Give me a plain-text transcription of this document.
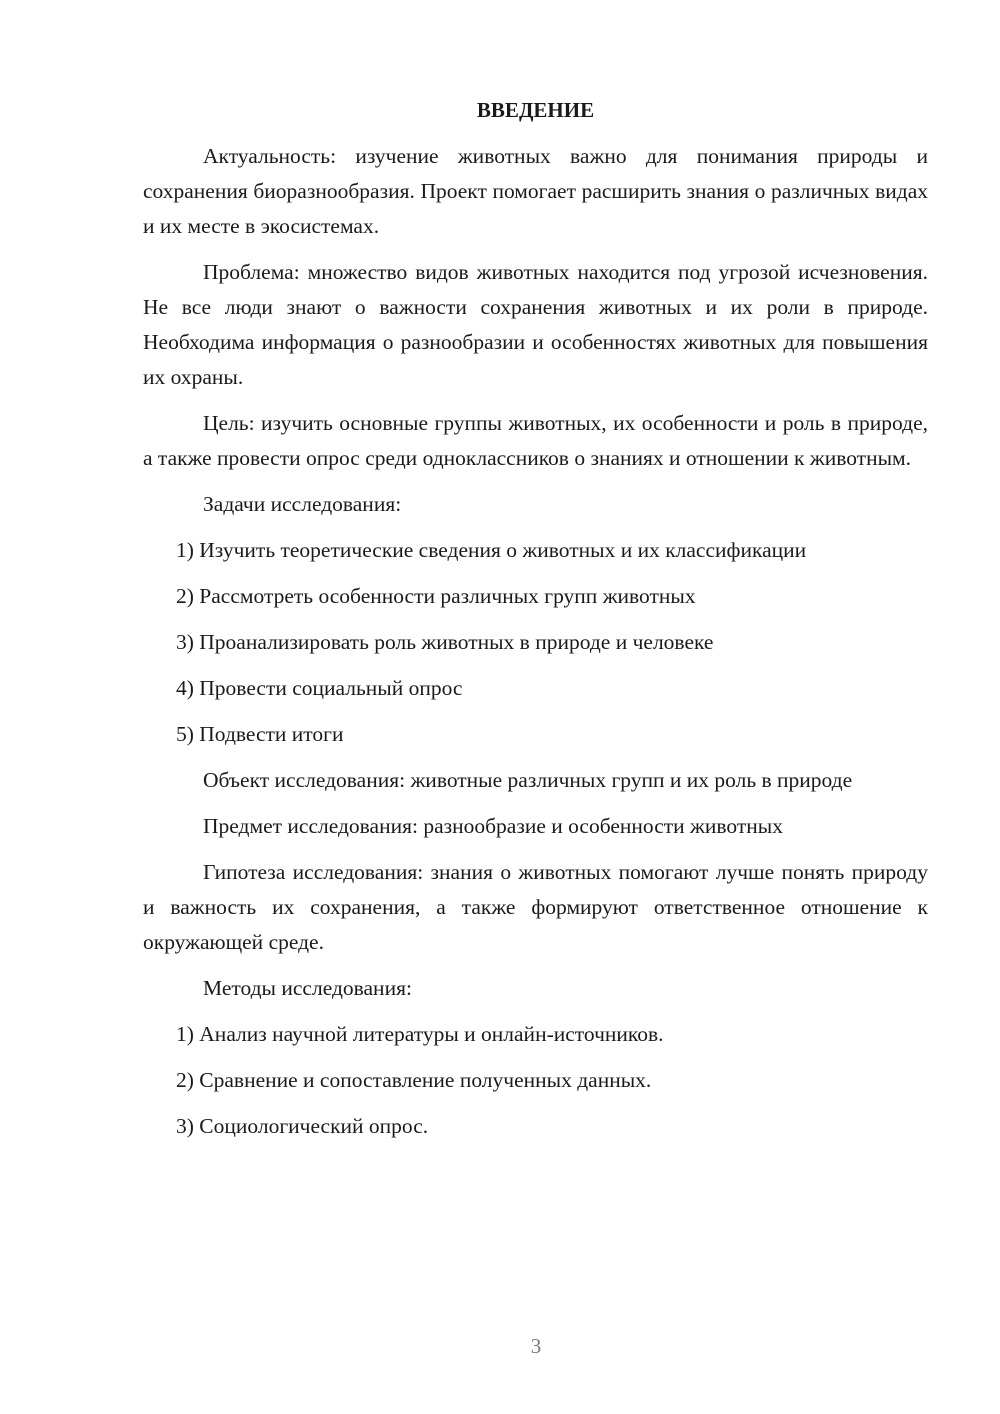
ВВЕДЕНИЕ

Актуальность: изучение животных важно для понимания природы и сохранения биоразнообразия. Проект помогает расширить знания о различных видах и их месте в экосистемах.

Проблема: множество видов животных находится под угрозой исчезновения. Не все люди знают о важности сохранения животных и их роли в природе. Необходима информация о разнообразии и особенностях животных для повышения их охраны.

Цель: изучить основные группы животных, их особенности и роль в природе, а также провести опрос среди одноклассников о знаниях и отношении к животным.

Задачи исследования:

1) Изучить теоретические сведения о животных и их классификации
2) Рассмотреть особенности различных групп животных
3) Проанализировать роль животных в природе и человеке
4) Провести социальный опрос
5) Подвести итоги

Объект исследования: животные различных групп и их роль в природе

Предмет исследования: разнообразие и особенности животных

Гипотеза исследования: знания о животных помогают лучше понять природу и важность их сохранения, а также формируют ответственное отношение к окружающей среде.

Методы исследования:

1) Анализ научной литературы и онлайн-источников.
2) Сравнение и сопоставление полученных данных.
3) Социологический опрос.
3
